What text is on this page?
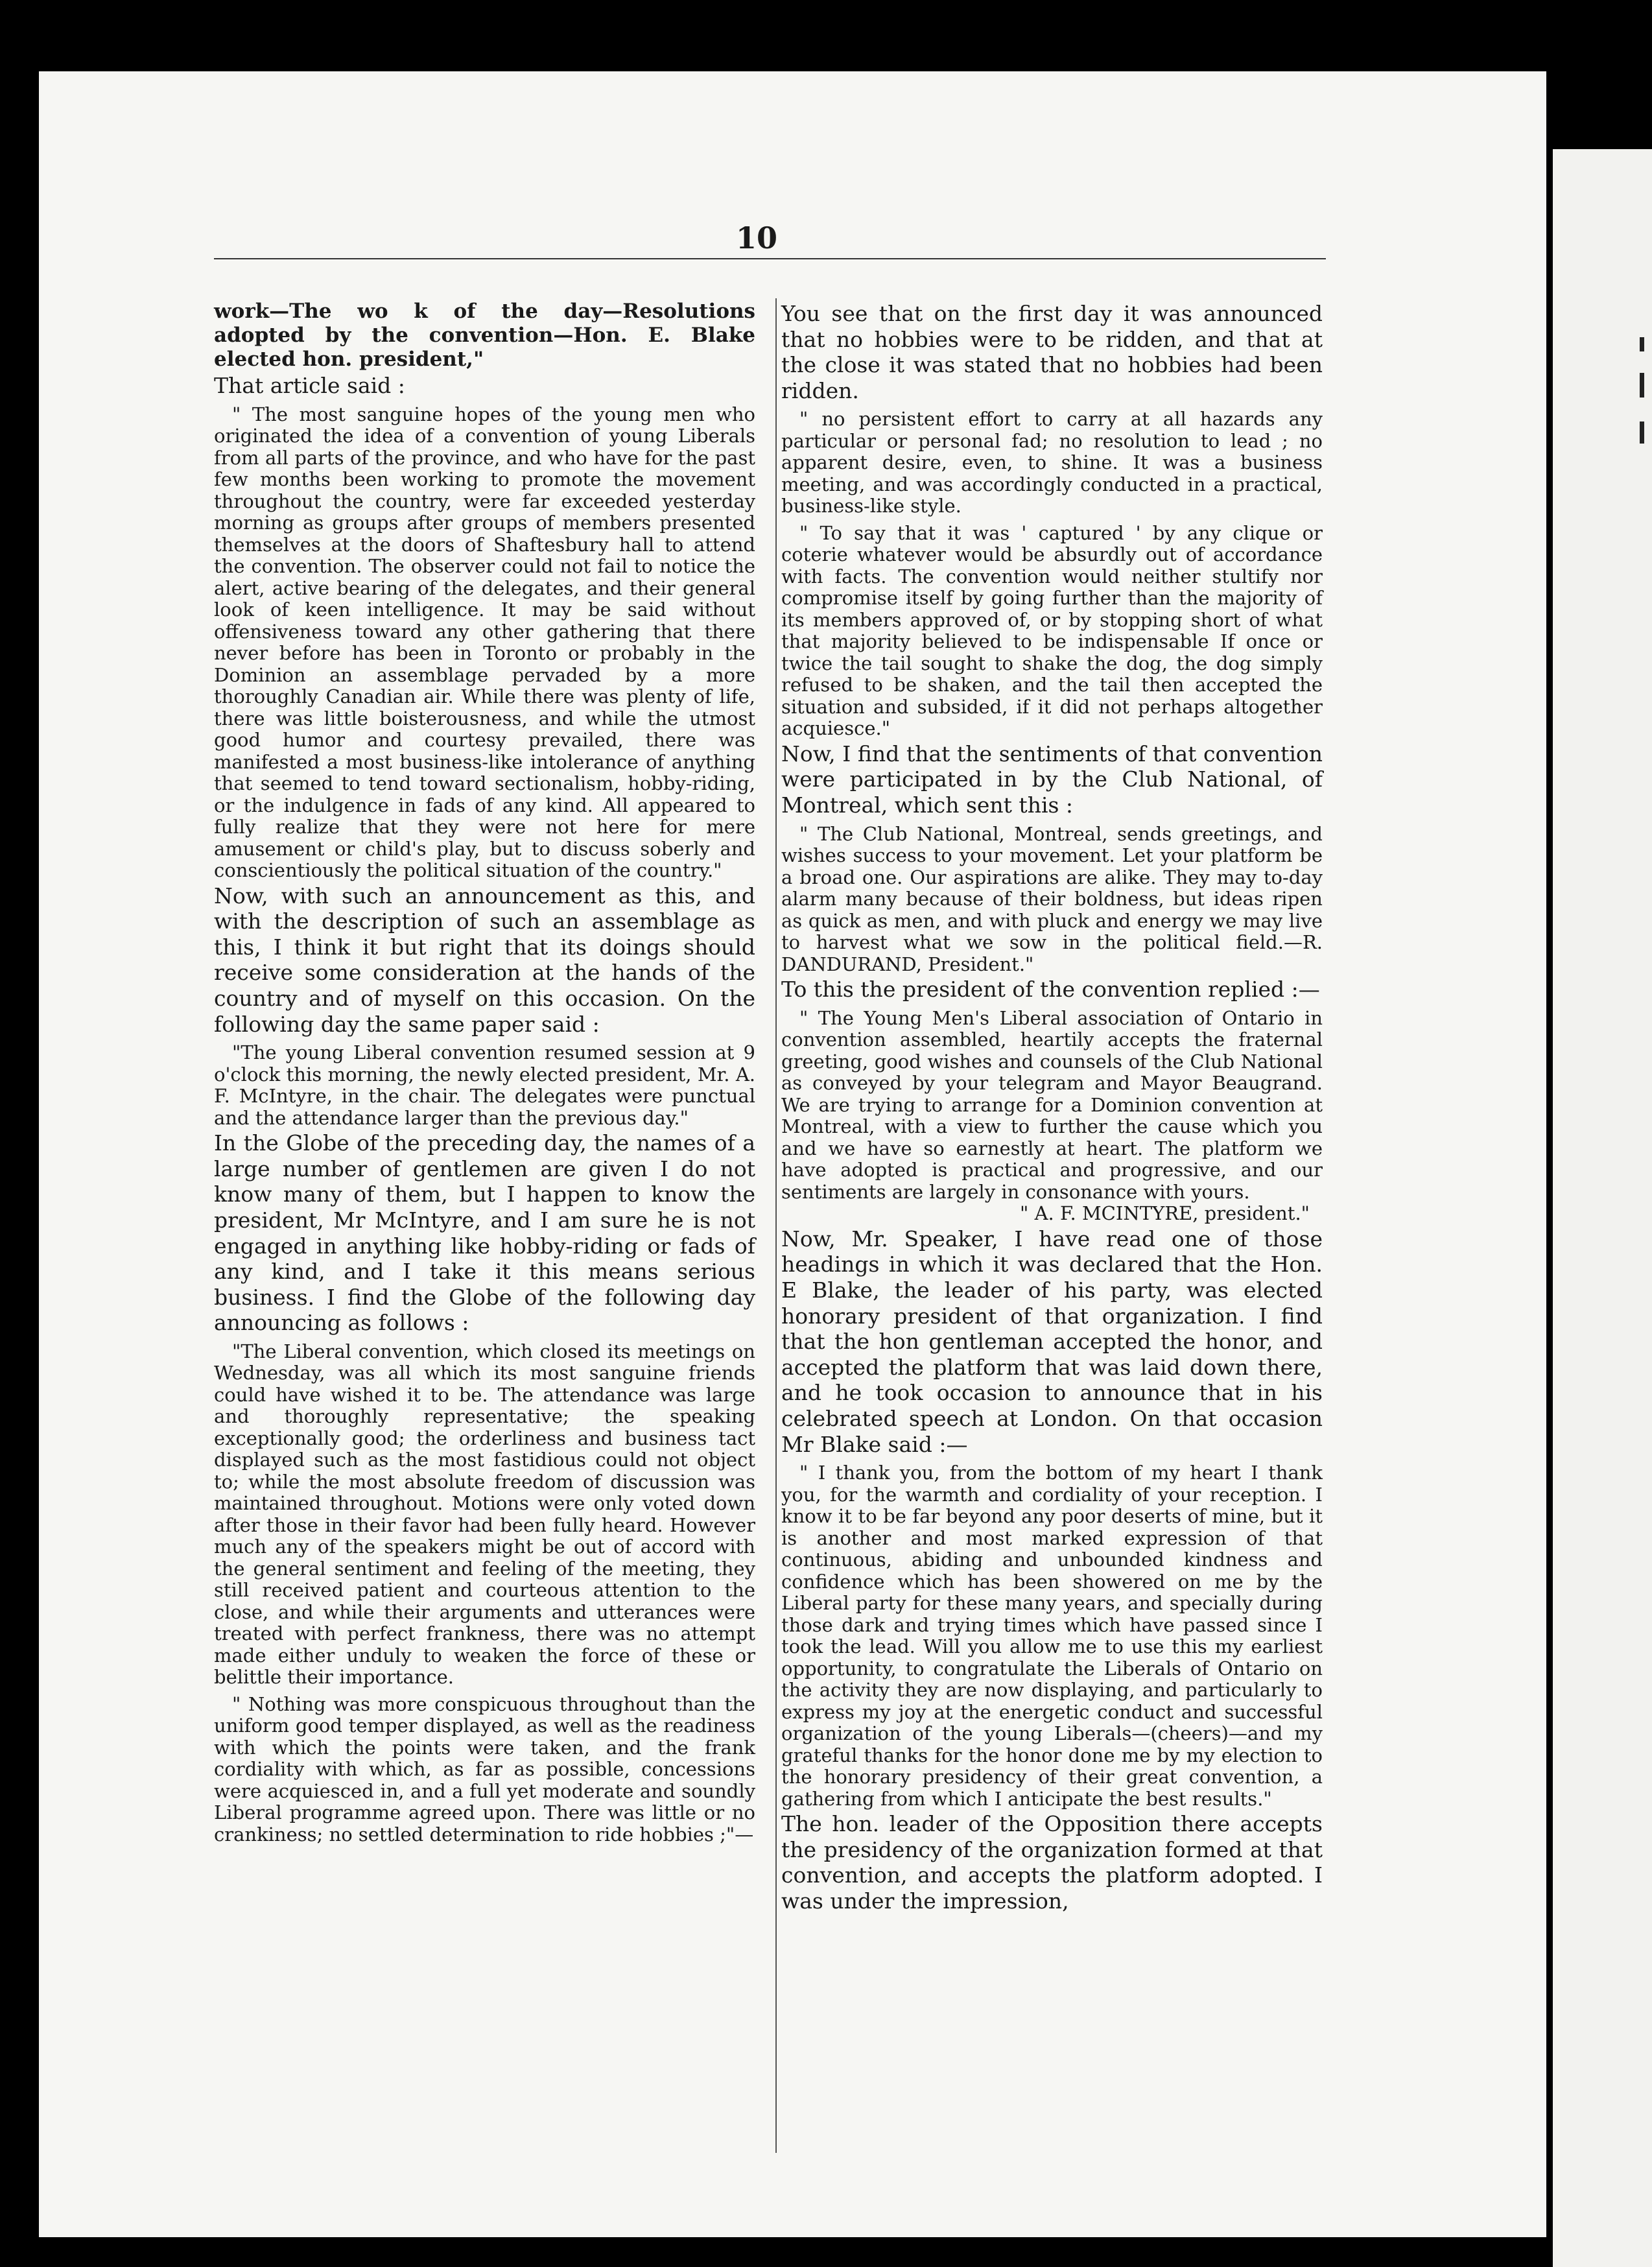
10

work—The wo k of the day—Resolutions adopted by the convention—Hon. E. Blake elected hon. president,"

That article said :

" The most sanguine hopes of the young men who originated the idea of a convention of young Liberals from all parts of the province, and who have for the past few months been working to promote the movement throughout the country, were far exceeded yesterday morning as groups after groups of members presented themselves at the doors of Shaftesbury hall to attend the convention. The observer could not fail to notice the alert, active bearing of the delegates, and their general look of keen intelligence. It may be said without offensiveness toward any other gathering that there never before has been in Toronto or probably in the Dominion an assemblage pervaded by a more thoroughly Canadian air. While there was plenty of life, there was little boisterousness, and while the utmost good humor and courtesy prevailed, there was manifested a most business-like intolerance of anything that seemed to tend toward sectionalism, hobby-riding, or the indulgence in fads of any kind. All appeared to fully realize that they were not here for mere amusement or child's play, but to discuss soberly and conscientiously the political situation of the country."

Now, with such an announcement as this, and with the description of such an assemblage as this, I think it but right that its doings should receive some consideration at the hands of the country and of myself on this occasion. On the following day the same paper said :

"The young Liberal convention resumed session at 9 o'clock this morning, the newly elected president, Mr. A. F. McIntyre, in the chair. The delegates were punctual and the attendance larger than the previous day."

In the Globe of the preceding day, the names of a large number of gentlemen are given I do not know many of them, but I happen to know the president, Mr McIntyre, and I am sure he is not engaged in anything like hobby-riding or fads of any kind, and I take it this means serious business. I find the Globe of the following day announcing as follows :

"The Liberal convention, which closed its meetings on Wednesday, was all which its most sanguine friends could have wished it to be. The attendance was large and thoroughly representative; the speaking exceptionally good; the orderliness and business tact displayed such as the most fastidious could not object to; while the most absolute freedom of discussion was maintained throughout. Motions were only voted down after those in their favor had been fully heard. However much any of the speakers might be out of accord with the general sentiment and feeling of the meeting, they still received patient and courteous attention to the close, and while their arguments and utterances were treated with perfect frankness, there was no attempt made either unduly to weaken the force of these or belittle their importance.

" Nothing was more conspicuous throughout than the uniform good temper displayed, as well as the readiness with which the points were taken, and the frank cordiality with which, as far as possible, concessions were acquiesced in, and a full yet moderate and soundly Liberal programme agreed upon. There was little or no crankiness; no settled determination to ride hobbies ;"—

You see that on the first day it was announced that no hobbies were to be ridden, and that at the close it was stated that no hobbies had been ridden.

" no persistent effort to carry at all hazards any particular or personal fad; no resolution to lead ; no apparent desire, even, to shine. It was a business meeting, and was accordingly conducted in a practical, business-like style.

" To say that it was ' captured ' by any clique or coterie whatever would be absurdly out of accordance with facts. The convention would neither stultify nor compromise itself by going further than the majority of its members approved of, or by stopping short of what that majority believed to be indispensable If once or twice the tail sought to shake the dog, the dog simply refused to be shaken, and the tail then accepted the situation and subsided, if it did not perhaps altogether acquiesce."

Now, I find that the sentiments of that convention were participated in by the Club National, of Montreal, which sent this :

" The Club National, Montreal, sends greetings, and wishes success to your movement. Let your platform be a broad one. Our aspirations are alike. They may to-day alarm many because of their boldness, but ideas ripen as quick as men, and with pluck and energy we may live to harvest what we sow in the political field.—R. DANDURAND, President."

To this the president of the convention replied :—

" The Young Men's Liberal association of Ontario in convention assembled, heartily accepts the fraternal greeting, good wishes and counsels of the Club National as conveyed by your telegram and Mayor Beaugrand. We are trying to arrange for a Dominion convention at Montreal, with a view to further the cause which you and we have so earnestly at heart. The platform we have adopted is practical and progressive, and our sentiments are largely in consonance with yours.

" A. F. MCINTYRE, president."

Now, Mr. Speaker, I have read one of those headings in which it was declared that the Hon. E Blake, the leader of his party, was elected honorary president of that organization. I find that the hon gentleman accepted the honor, and accepted the platform that was laid down there, and he took occasion to announce that in his celebrated speech at London. On that occasion Mr Blake said :—

" I thank you, from the bottom of my heart I thank you, for the warmth and cordiality of your reception. I know it to be far beyond any poor deserts of mine, but it is another and most marked expression of that continuous, abiding and unbounded kindness and confidence which has been showered on me by the Liberal party for these many years, and specially during those dark and trying times which have passed since I took the lead. Will you allow me to use this my earliest opportunity, to congratulate the Liberals of Ontario on the activity they are now displaying, and particularly to express my joy at the energetic conduct and successful organization of the young Liberals—(cheers)—and my grateful thanks for the honor done me by my election to the honorary presidency of their great convention, a gathering from which I anticipate the best results."

The hon. leader of the Opposition there accepts the presidency of the organization formed at that convention, and accepts the platform adopted. I was under the impression,
